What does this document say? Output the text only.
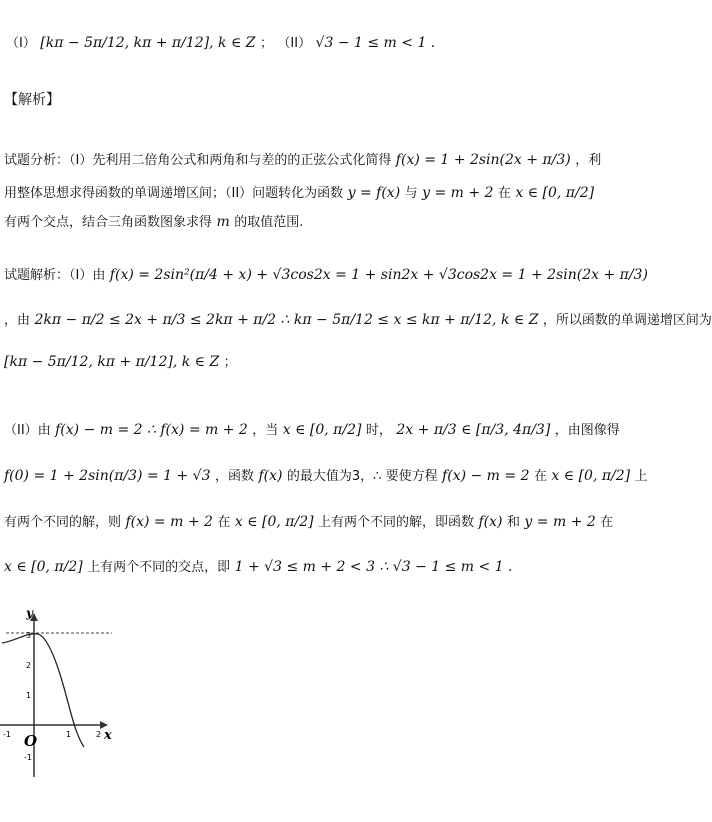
（I） [kπ − 5π/12, kπ + π/12], k ∈ Z ； （II） √3 − 1 ≤ m < 1 .
【解析】
试题分析：（I）先利用二倍角公式和两角和与差的的正弦公式化简得 f(x) = 1 + 2sin(2x + π/3) ，利
用整体思想求得函数的单调递增区间；（II）问题转化为函数 y = f(x) 与 y = m + 2 在 x ∈ [0, π/2]
有两个交点，结合三角函数图象求得 m 的取值范围.
试题解析：（I）由 f(x) = 2sin²(π/4 + x) + √3cos2x = 1 + sin2x + √3cos2x = 1 + 2sin(2x + π/3)
，由 2kπ − π/2 ≤ 2x + π/3 ≤ 2kπ + π/2 ∴ kπ − 5π/12 ≤ x ≤ kπ + π/12, k ∈ Z ，所以函数的单调递增区间为
[kπ − 5π/12, kπ + π/12], k ∈ Z ；
（II）由 f(x) − m = 2 ∴ f(x) = m + 2 ，当 x ∈ [0, π/2] 时， 2x + π/3 ∈ [π/3, 4π/3] ，由图像得
f(0) = 1 + 2sin(π/3) = 1 + √3 ，函数 f(x) 的最大值为3，∴ 要使方程 f(x) − m = 2 在 x ∈ [0, π/2] 上
有两个不同的解，则 f(x) = m + 2 在 x ∈ [0, π/2] 上有两个不同的解，即函数 f(x) 和 y = m + 2 在
x ∈ [0, π/2] 上有两个不同的交点，即 1 + √3 ≤ m + 2 < 3 ∴ √3 − 1 ≤ m < 1 .
y
x
O
3
2
1
-1
-1	1	2
